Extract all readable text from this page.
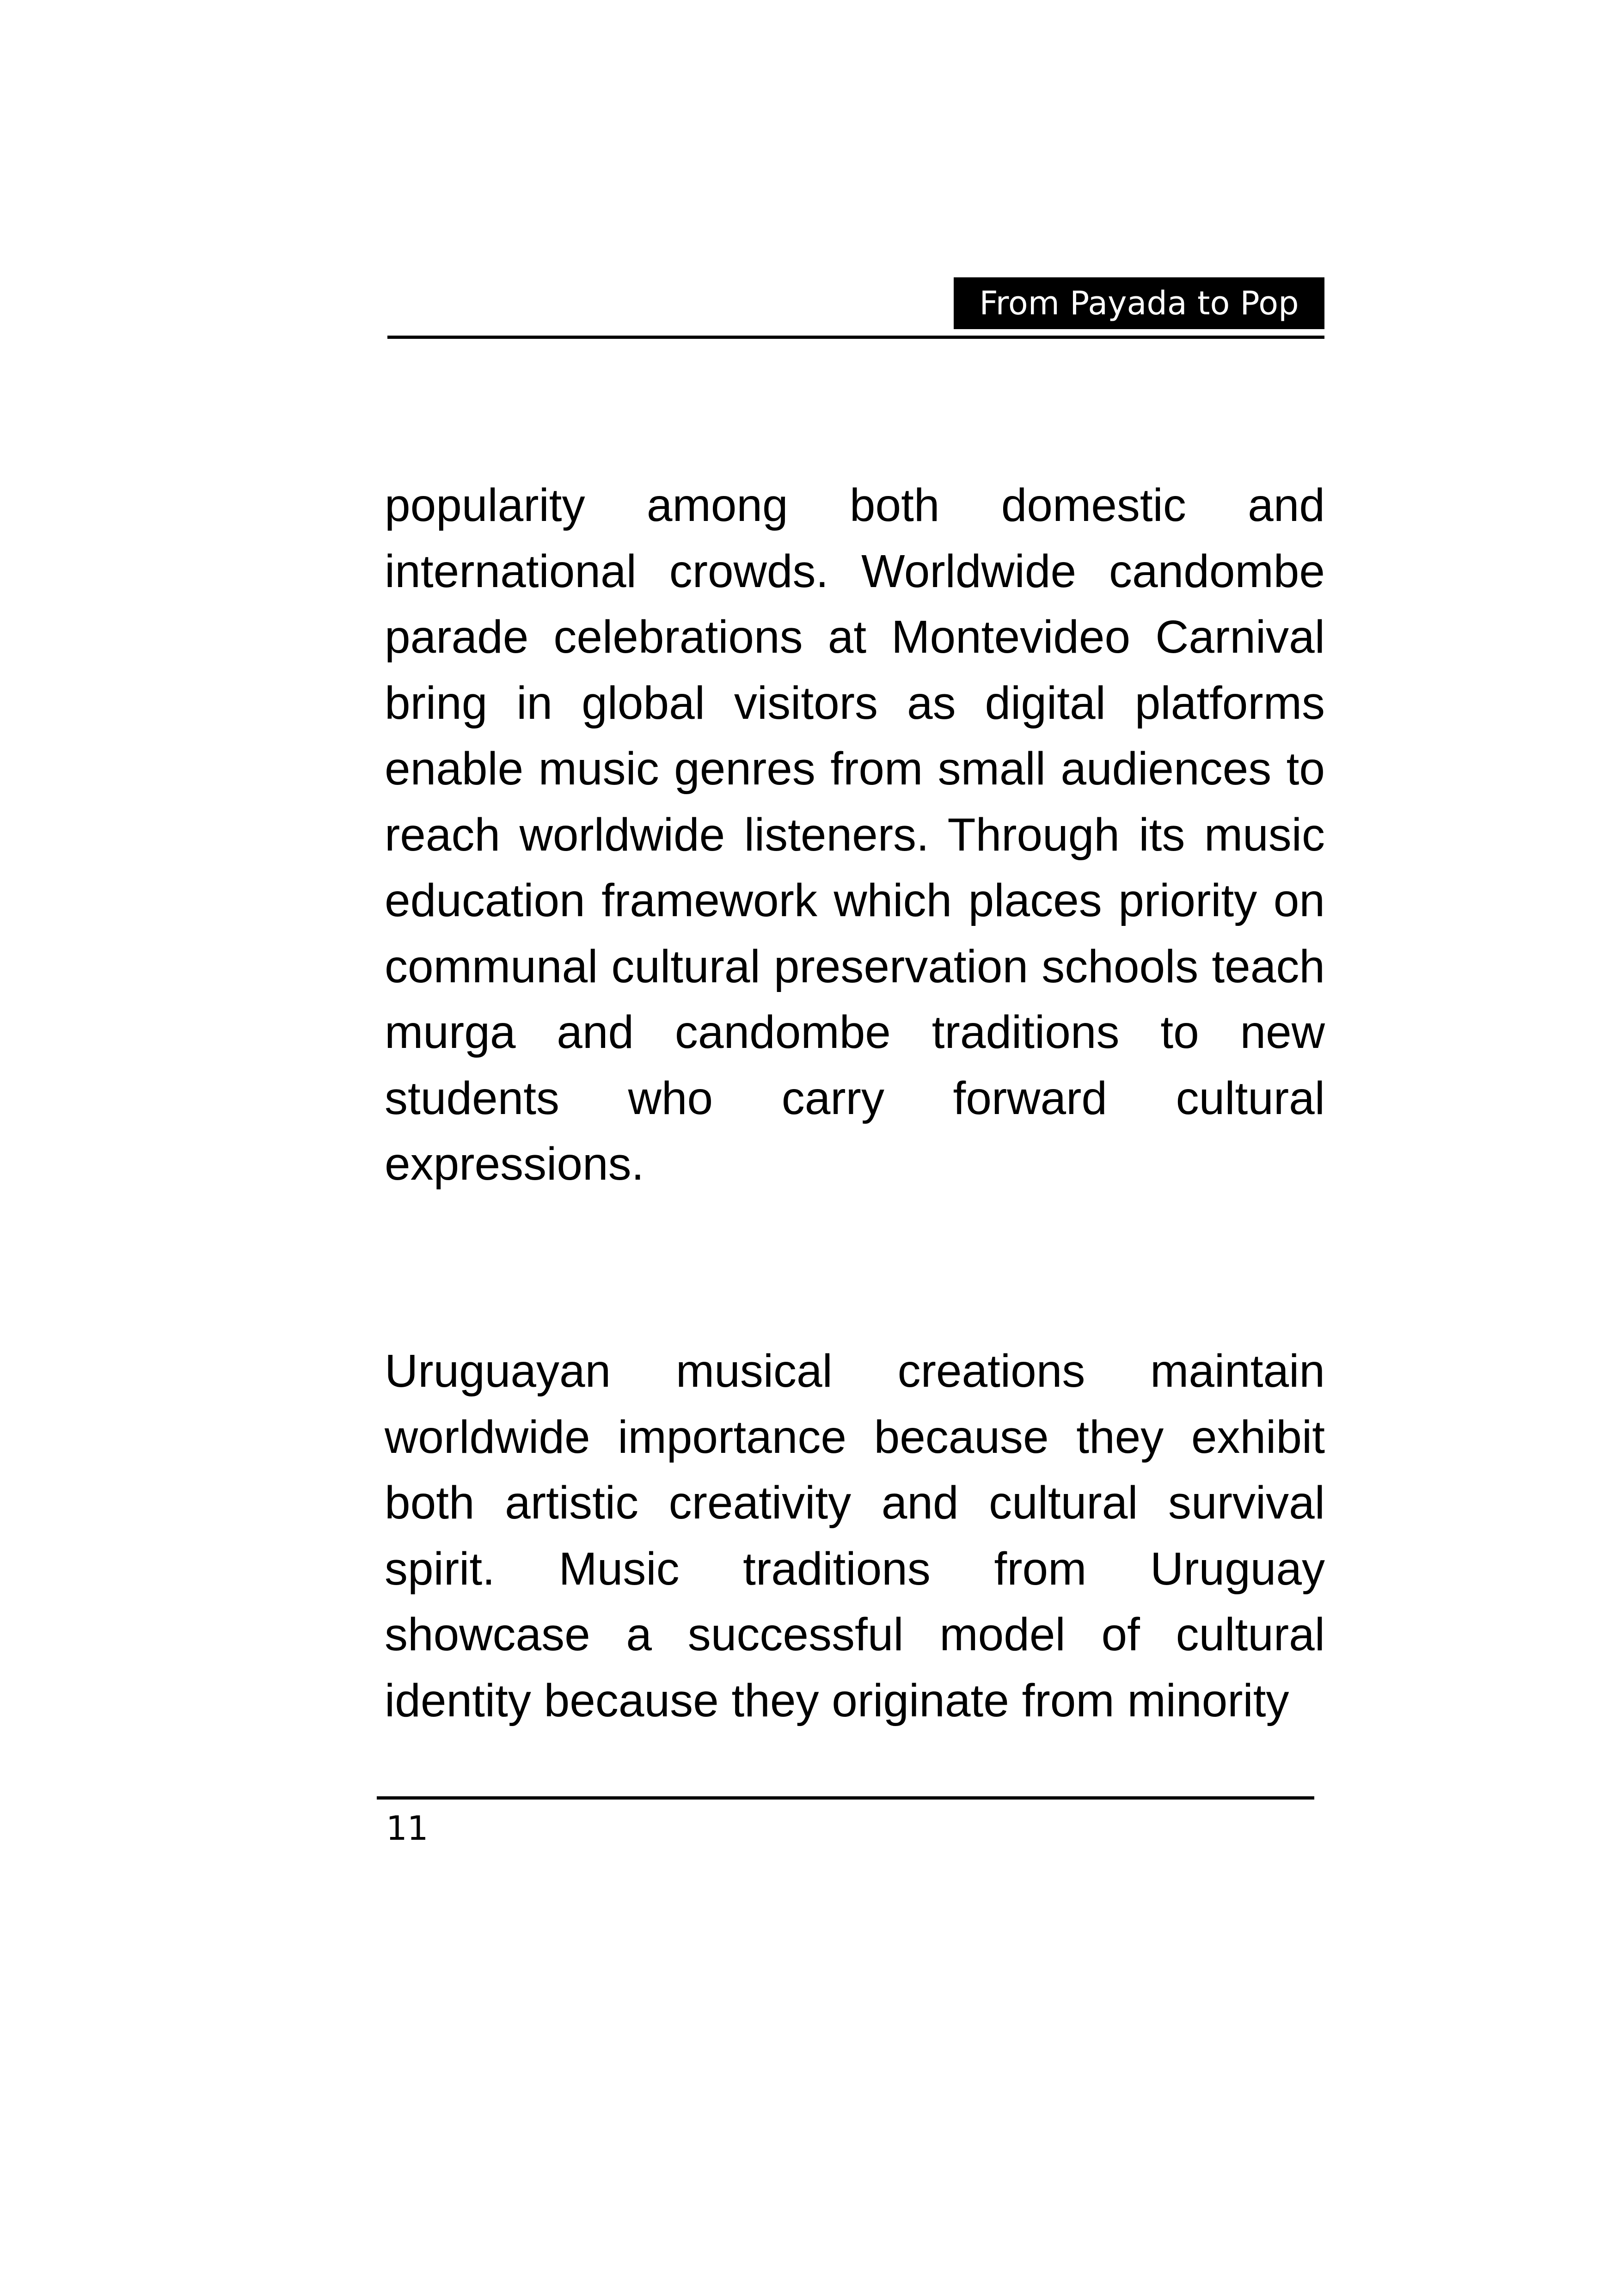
From Payada to Pop

popularity among both domestic and international crowds. Worldwide candombe parade celebrations at Montevideo Carnival bring in global visitors as digital platforms enable music genres from small audiences to reach worldwide listeners. Through its music education framework which places priority on communal cultural preservation schools teach murga and candombe traditions to new students who carry forward cultural expressions.

Uruguayan musical creations maintain worldwide importance because they exhibit both artistic creativity and cultural survival spirit. Music traditions from Uruguay showcase a successful model of cultural identity because they originate from minority

11
